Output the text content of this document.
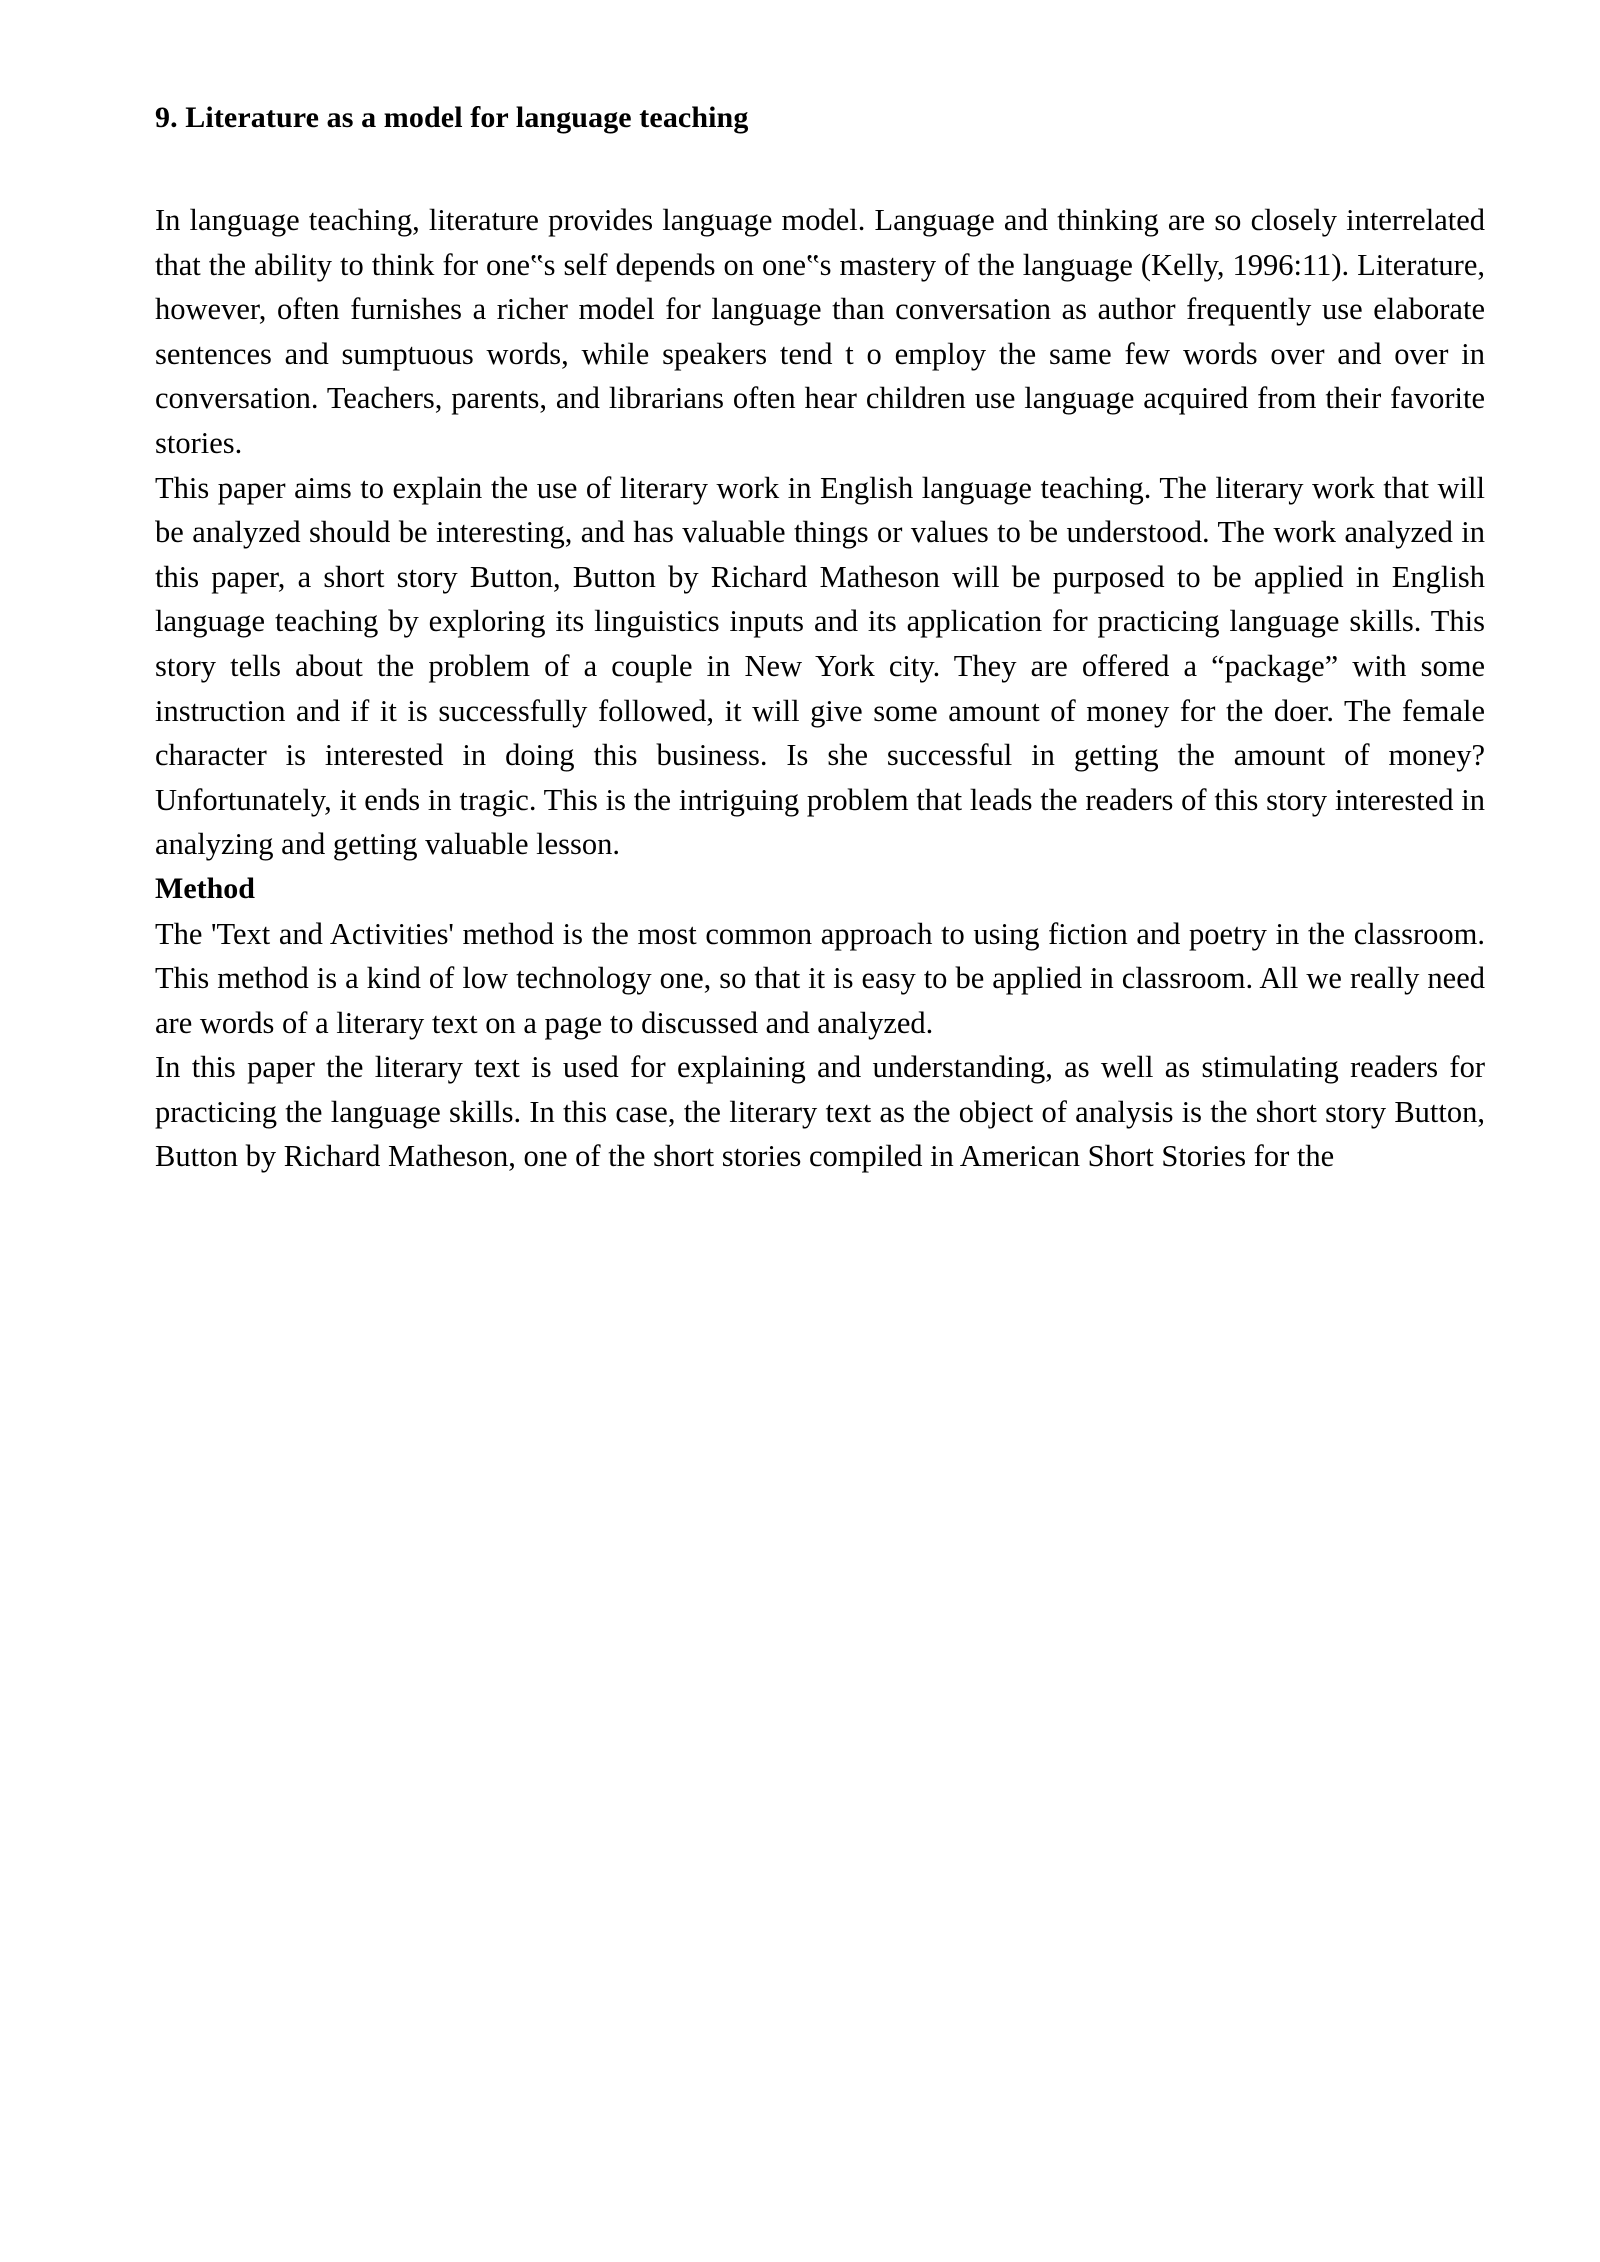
9. Literature as a model for language teaching

In language teaching, literature provides language model. Language and thinking are so closely interrelated that the ability to think for one‟s self depends on one‟s mastery of the language (Kelly, 1996:11). Literature, however, often furnishes a richer model for language than conversation as author frequently use elaborate sentences and sumptuous words, while speakers tend t o employ the same few words over and over in conversation. Teachers, parents, and librarians often hear children use language acquired from their favorite stories.

This paper aims to explain the use of literary work in English language teaching. The literary work that will be analyzed should be interesting, and has valuable things or values to be understood. The work analyzed in this paper, a short story Button, Button by Richard Matheson will be purposed to be applied in English language teaching by exploring its linguistics inputs and its application for practicing language skills. This story tells about the problem of a couple in New York city. They are offered a “package” with some instruction and if it is successfully followed, it will give some amount of money for the doer. The female character is interested in doing this business. Is she successful in getting the amount of money? Unfortunately, it ends in tragic. This is the intriguing problem that leads the readers of this story interested in analyzing and getting valuable lesson.

Method

The 'Text and Activities' method is the most common approach to using fiction and poetry in the classroom. This method is a kind of low technology one, so that it is easy to be applied in classroom. All we really need are words of a literary text on a page to discussed and analyzed.

In this paper the literary text is used for explaining and understanding, as well as stimulating readers for practicing the language skills. In this case, the literary text as the object of analysis is the short story Button, Button by Richard Matheson, one of the short stories compiled in American Short Stories for the
